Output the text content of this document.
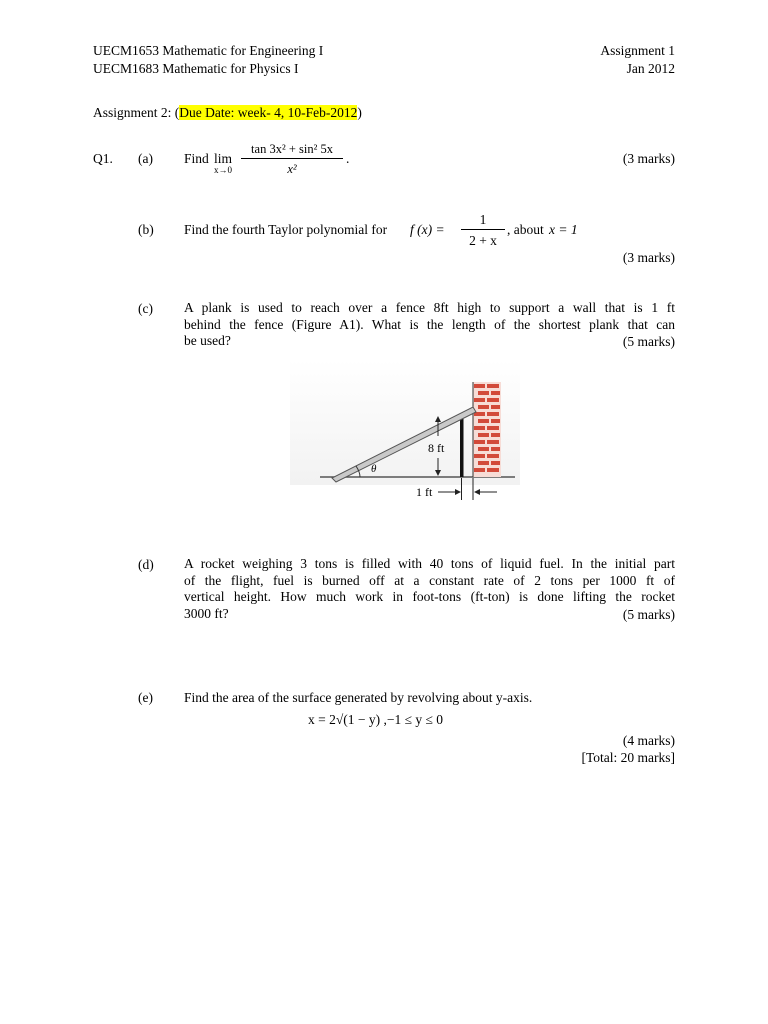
UECM1653 Mathematic for Engineering I
UECM1683 Mathematic for Physics I
Assignment 1
Jan 2012
Assignment 2: (Due Date: week- 4, 10-Feb-2012)
Q1. (a) Find lim
x→0
tan 3x² + sin² 5x
x²
.	(3 marks)
(b) Find the fourth Taylor polynomial for f (x) =
1
2 + x
, about x = 1
(3 marks)
(c) A plank is used to reach over a fence 8ft high to support a wall that is 1 ft
behind the fence (Figure A1). What is the length of the shortest plank that can
be used?	(5 marks)
θ
8 ft
1 ft
(d) A rocket weighing 3 tons is filled with 40 tons of liquid fuel. In the initial part
of the flight, fuel is burned off at a constant rate of 2 tons per 1000 ft of
vertical height. How much work in foot-tons (ft-ton) is done lifting the rocket
3000 ft?	(5 marks)
(e) Find the area of the surface generated by revolving about y-axis.
x = 2√(1 − y) ,−1 ≤ y ≤ 0
(4 marks)
[Total: 20 marks]
